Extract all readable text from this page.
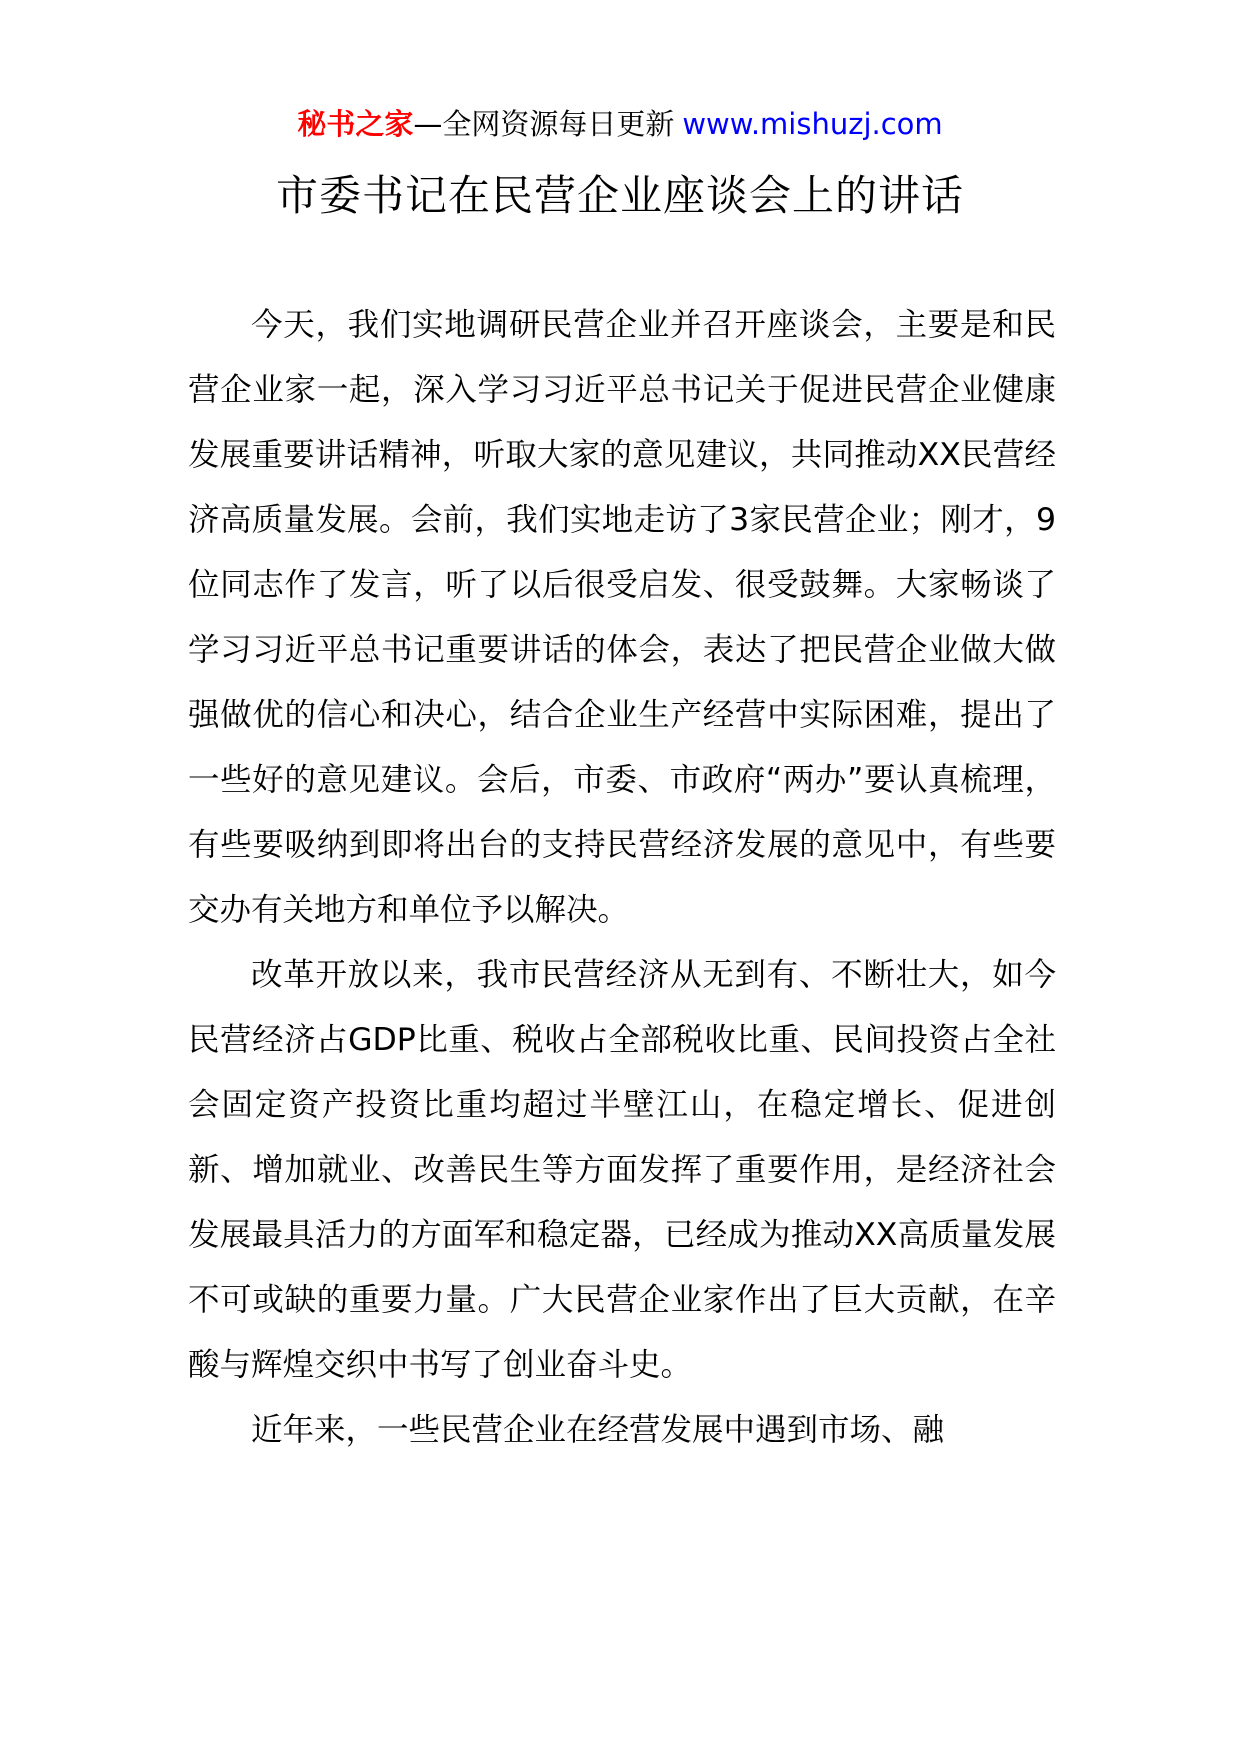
秘书之家—全网资源每日更新 www.mishuzj.com
市委书记在民营企业座谈会上的讲话

今天，我们实地调研民营企业并召开座谈会，主要是和民营企业家一起，深入学习习近平总书记关于促进民营企业健康发展重要讲话精神，听取大家的意见建议，共同推动XX民营经济高质量发展。会前，我们实地走访了3家民营企业；刚才，9位同志作了发言，听了以后很受启发、很受鼓舞。大家畅谈了学习习近平总书记重要讲话的体会，表达了把民营企业做大做强做优的信心和决心，结合企业生产经营中实际困难，提出了一些好的意见建议。会后，市委、市政府“两办”要认真梳理，有些要吸纳到即将出台的支持民营经济发展的意见中，有些要交办有关地方和单位予以解决。

改革开放以来，我市民营经济从无到有、不断壮大，如今民营经济占GDP比重、税收占全部税收比重、民间投资占全社会固定资产投资比重均超过半壁江山，在稳定增长、促进创新、增加就业、改善民生等方面发挥了重要作用，是经济社会发展最具活力的方面军和稳定器，已经成为推动XX高质量发展不可或缺的重要力量。广大民营企业家作出了巨大贡献，在辛酸与辉煌交织中书写了创业奋斗史。

近年来，一些民营企业在经营发展中遇到市场、融
